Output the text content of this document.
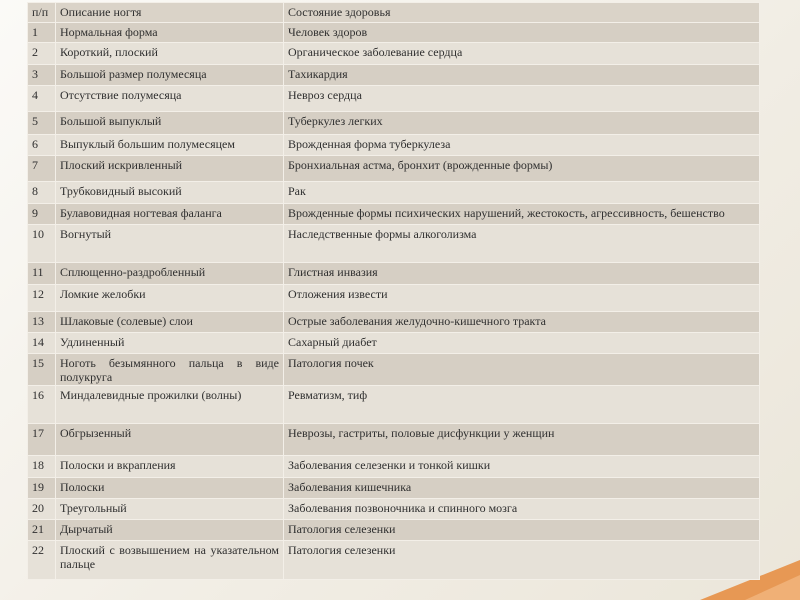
п/п	Описание ногтя	Состояние здоровья
1	Нормальная форма	Человек здоров
2	Короткий, плоский	Органическое заболевание сердца
3	Большой размер полумесяца	Тахикардия
4	Отсутствие полумесяца	Невроз сердца
5	Большой выпуклый	Туберкулез легких
6	Выпуклый большим полумесяцем	Врожденная форма туберкулеза
7	Плоский искривленный	Бронхиальная астма, бронхит (врожденные формы)
8	Трубковидный высокий	Рак
9	Булавовидная ногтевая фаланга	Врожденные формы психических нарушений, жестокость, агрессивность, бешенство
10	Вогнутый	Наследственные формы алкоголизма
11	Сплющенно-раздробленный	Глистная инвазия
12	Ломкие желобки	Отложения извести
13	Шлаковые (солевые) слои	Острые заболевания желудочно-кишечного тракта
14	Удлиненный	Сахарный диабет
15	Ноготь безымянного пальца в виде полукруга	Патология почек
16	Миндалевидные прожилки (волны)	Ревматизм, тиф
17	Обгрызенный	Неврозы, гастриты, половые дисфункции у женщин
18	Полоски и вкрапления	Заболевания селезенки и тонкой кишки
19	Полоски	Заболевания кишечника
20	Треугольный	Заболевания позвоночника и спинного мозга
21	Дырчатый	Патология селезенки
22	Плоский с возвышением на указательном пальце	Патология селезенки
